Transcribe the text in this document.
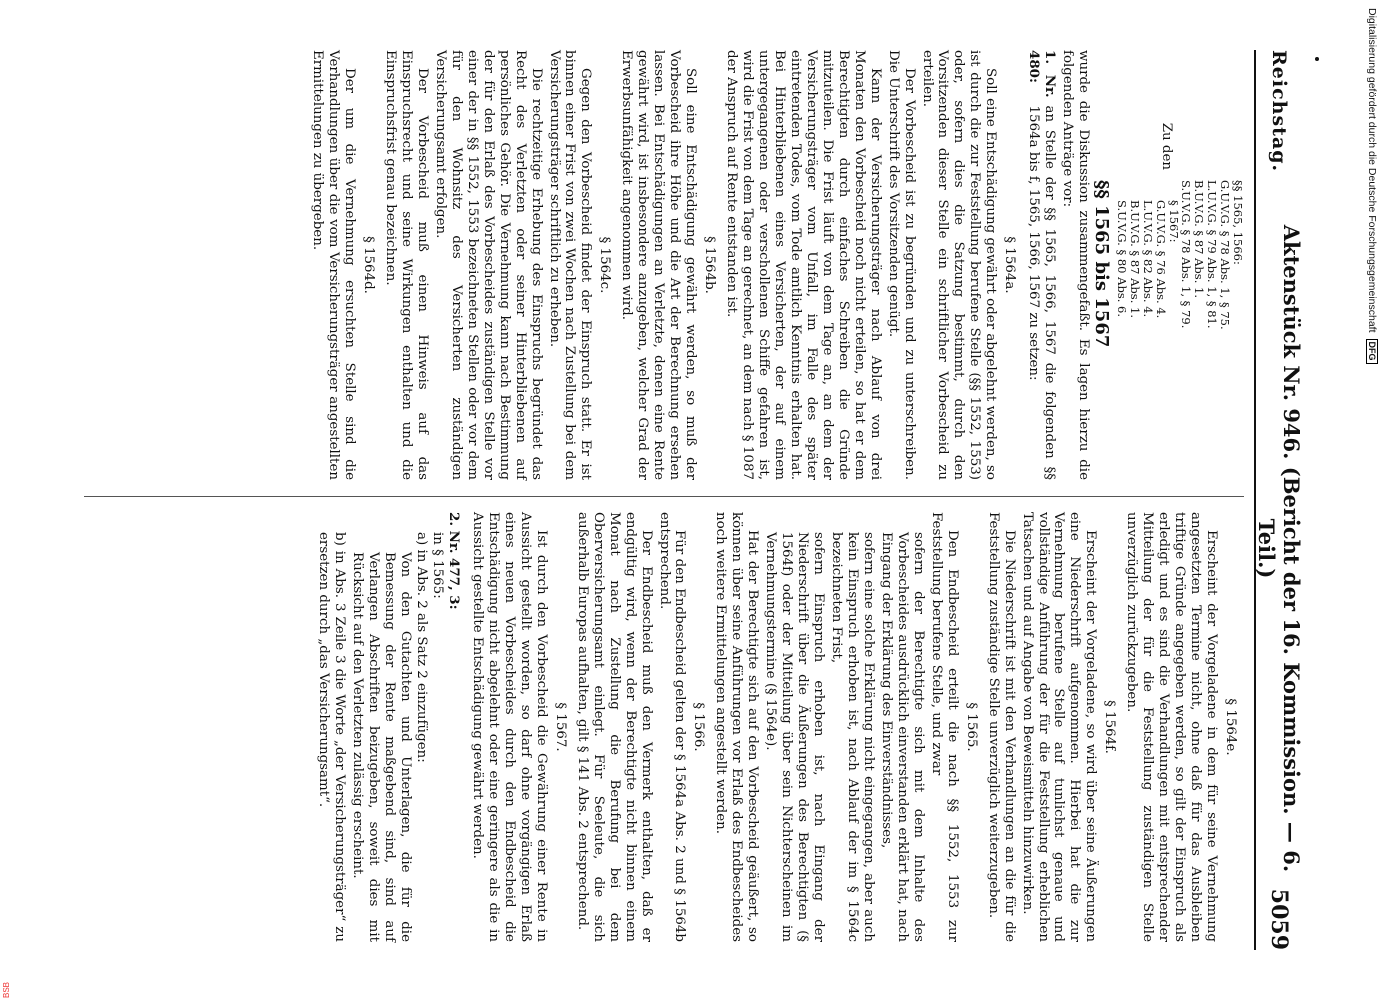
Reichstag.
Aktenstück Nr. 946. (Bericht der 16. Kommission. — 6. Teil.)
5059
Zu den
§§ 1565, 1566:
G.U.V.G. § 78 Abs. 1, § 75.
L.U.V.G. § 79 Abs. 1, § 81.
B.U.V.G. § 87 Abs. 1.
S.U.V.G. § 78 Abs. 1, § 79.
§ 1567:
G.U.V.G. § 76 Abs. 4.
L.U.V.G. § 82 Abs. 4.
B.U.V.G. § 87 Abs. 1.
S.U.V.G. § 80 Abs. 6.
§§ 1565 bis 1567

wurde die Diskussion zusammengefaßt. Es lagen hierzu die folgenden Anträge vor:

1. Nr. 480:

an Stelle der §§ 1565, 1566, 1567 die folgenden §§ 1564a bis f, 1565, 1566, 1567 zu setzen:

§ 1564a.

Soll eine Entschädigung gewährt oder abgelehnt werden, so ist durch die zur Feststellung berufene Stelle (§§ 1552, 1553) oder, sofern dies die Satzung bestimmt, durch den Vorsitzenden dieser Stelle ein schriftlicher Vorbescheid zu erteilen.

Der Vorbescheid ist zu begründen und zu unterschreiben. Die Unterschrift des Vorsitzenden genügt.

Kann der Versicherungsträger nach Ablauf von drei Monaten den Vorbescheid noch nicht erteilen, so hat er dem Berechtigten durch einfaches Schreiben die Gründe mitzuteilen. Die Frist läuft von dem Tage an, an dem der Versicherungsträger vom Unfall, im Falle des später eintretenden Todes, vom Tode amtlich Kenntnis erhalten hat. Bei Hinterbliebenen eines Versicherten, der auf einem untergegangenen oder verschollenen Schiffe gefahren ist, wird die Frist von dem Tage an gerechnet, an dem nach § 1087 der Anspruch auf Rente entstanden ist.

§ 1564b.

Soll eine Entschädigung gewährt werden, so muß der Vorbescheid ihre Höhe und die Art der Berechnung ersehen lassen. Bei Entschädigungen an Verletzte, denen eine Rente gewährt wird, ist insbesondere anzugeben, welcher Grad der Erwerbsunfähigkeit angenommen wird.

§ 1564c.

Gegen den Vorbescheid findet der Einspruch statt. Er ist binnen einer Frist von zwei Wochen nach Zustellung bei dem Versicherungsträger schriftlich zu erheben.

Die rechtzeitige Erhebung des Einspruchs begründet das Recht des Verletzten oder seiner Hinterbliebenen auf persönliches Gehör. Die Vernehmung kann nach Bestimmung der für den Erlaß des Vorbescheides zuständigen Stelle vor einer der in §§ 1552, 1553 bezeichneten Stellen oder vor dem für den Wohnsitz des Versicherten zuständigen Versicherungsamt erfolgen.

Der Vorbescheid muß einen Hinweis auf das Einspruchsrecht und seine Wirkungen enthalten und die Einspruchsfrist genau bezeichnen.

§ 1564d.

Der um die Vernehmung ersuchten Stelle sind die Verhandlungen über die vom Versicherungsträger angestellten Ermittelungen zu übergeben.

§ 1564e.

Erscheint der Vorgeladene in dem für seine Vernehmung angesetzten Termine nicht, ohne daß für das Ausbleiben triftige Gründe angegeben werden, so gilt der Einspruch als erledigt und es sind die Verhandlungen mit entsprechender Mitteilung der für die Feststellung zuständigen Stelle unverzüglich zurückzugeben.

§ 1564f.

Erscheint der Vorgeladene, so wird über seine Äußerungen eine Niederschrift aufgenommen. Hierbei hat die zur Vernehmung berufene Stelle auf tunlichst genaue und vollständige Anführung der für die Feststellung erheblichen Tatsachen und auf Angabe von Beweismitteln hinzuwirken.

Die Niederschrift ist mit den Verhandlungen an die für die Feststellung zuständige Stelle unverzüglich weiterzugeben.

§ 1565.

Den Endbescheid erteilt die nach §§ 1552, 1553 zur Feststellung berufene Stelle, und zwar

sofern der Berechtigte sich mit dem Inhalte des Vorbescheides ausdrücklich einverstanden erklärt hat, nach Eingang der Erklärung des Einverständnisses,

sofern eine solche Erklärung nicht eingegangen, aber auch kein Einspruch erhoben ist, nach Ablauf der im § 1564c bezeichneten Frist,

sofern Einspruch erhoben ist, nach Eingang der Niederschrift über die Äußerungen des Berechtigten (§ 1564f) oder der Mitteilung über sein Nichterscheinen im Vernehmungstermine (§ 1564e).

Hat der Berechtigte sich auf den Vorbescheid geäußert, so können über seine Anführungen vor Erlaß des Endbescheides noch weitere Ermittelungen angestellt werden.

§ 1566.

Für den Endbescheid gelten der § 1564a Abs. 2 und § 1564b entsprechend.

Der Endbescheid muß den Vermerk enthalten, daß er endgültig wird, wenn der Berechtigte nicht binnen einem Monat nach Zustellung die Berufung bei dem Oberversicherungsamt einlegt. Für Seeleute, die sich außerhalb Europas aufhalten, gilt § 141 Abs. 2 entsprechend.

§ 1567.

Ist durch den Vorbescheid die Gewährung einer Rente in Aussicht gestellt worden, so darf ohne vorgängigen Erlaß eines neuen Vorbescheides durch den Endbescheid die Entschädigung nicht abgelehnt oder eine geringere als die in Aussicht gestellte Entschädigung gewährt werden.

2. Nr. 477, 3:
in § 1565:
a) in Abs. 2 als Satz 2 einzufügen:

Von den Gutachten und Unterlagen, die für die Bemessung der Rente maßgebend sind, sind auf Verlangen Abschriften beizugeben, soweit dies mit Rücksicht auf den Verletzten zulässig erscheint.

b) in Abs. 3 Zeile 3 die Worte „der Versicherungsträger“ zu ersetzen durch „das Versicherungsamt“.

Digitalisierung gefördert durch die Deutsche Forschungsgemeinschaft
DFG
BSB
